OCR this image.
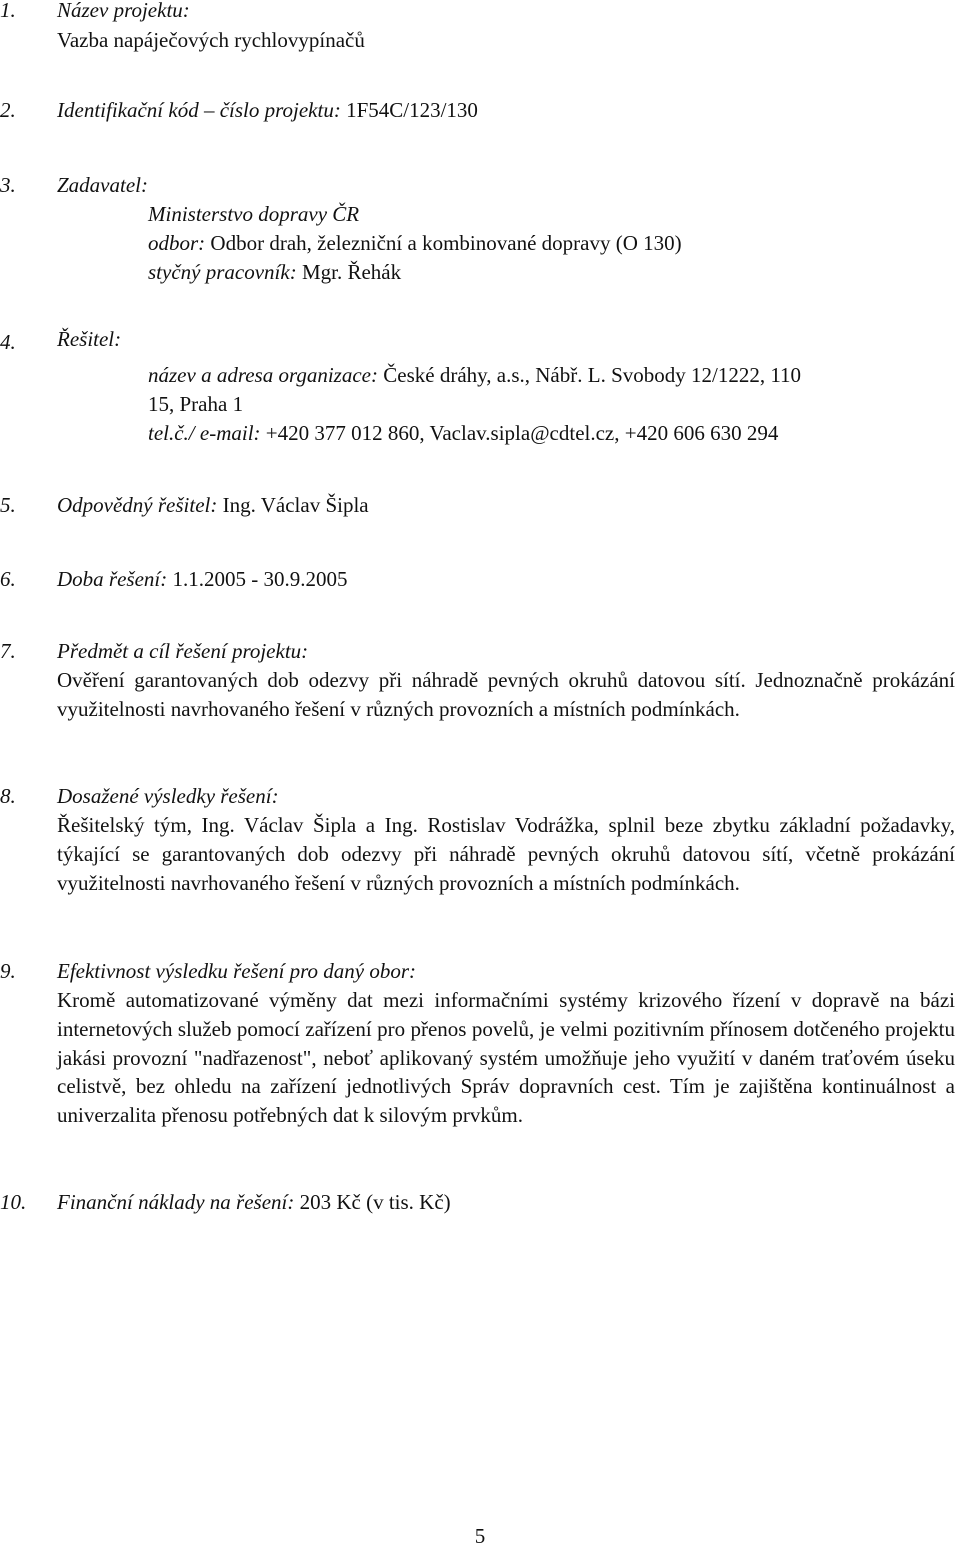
1.	Název projektu:
Vazba napáječových rychlovypínačů
2.	Identifikační kód – číslo projektu: 1F54C/123/130
3.	Zadavatel:
Ministerstvo dopravy ČR
odbor: Odbor drah, železniční a kombinované dopravy (O 130)
styčný pracovník: Mgr. Řehák
4.	Řešitel:
název a adresa organizace: České dráhy, a.s., Nábř. L. Svobody 12/1222, 110
15, Praha 1
tel.č./ e-mail: +420 377 012 860, Vaclav.sipla@cdtel.cz, +420 606 630 294
5.	Odpovědný řešitel: Ing. Václav Šipla
6.	Doba řešení: 1.1.2005 - 30.9.2005
7.	Předmět a cíl řešení projektu:
Ověření garantovaných dob odezvy při náhradě pevných okruhů datovou sítí. Jednoznačně prokázání využitelnosti navrhovaného řešení v různých provozních a místních podmínkách.
8.	Dosažené výsledky řešení:
Řešitelský tým, Ing. Václav Šipla a Ing. Rostislav Vodrážka, splnil beze zbytku základní požadavky, týkající se garantovaných dob odezvy při náhradě pevných okruhů datovou sítí, včetně prokázání využitelnosti navrhovaného řešení v různých provozních a místních podmínkách.
9.	Efektivnost výsledku řešení pro daný obor:
Kromě automatizované výměny dat mezi informačními systémy krizového řízení v dopravě na bázi internetových služeb pomocí zařízení pro přenos povelů, je velmi pozitivním přínosem dotčeného projektu jakási provozní "nadřazenost", neboť aplikovaný systém umožňuje jeho využití v daném traťovém úseku celistvě, bez ohledu na zařízení jednotlivých Správ dopravních cest. Tím je zajištěna kontinuálnost a univerzalita přenosu potřebných dat k silovým prvkům.
10.	Finanční náklady na řešení: 203 Kč (v tis. Kč)
5
